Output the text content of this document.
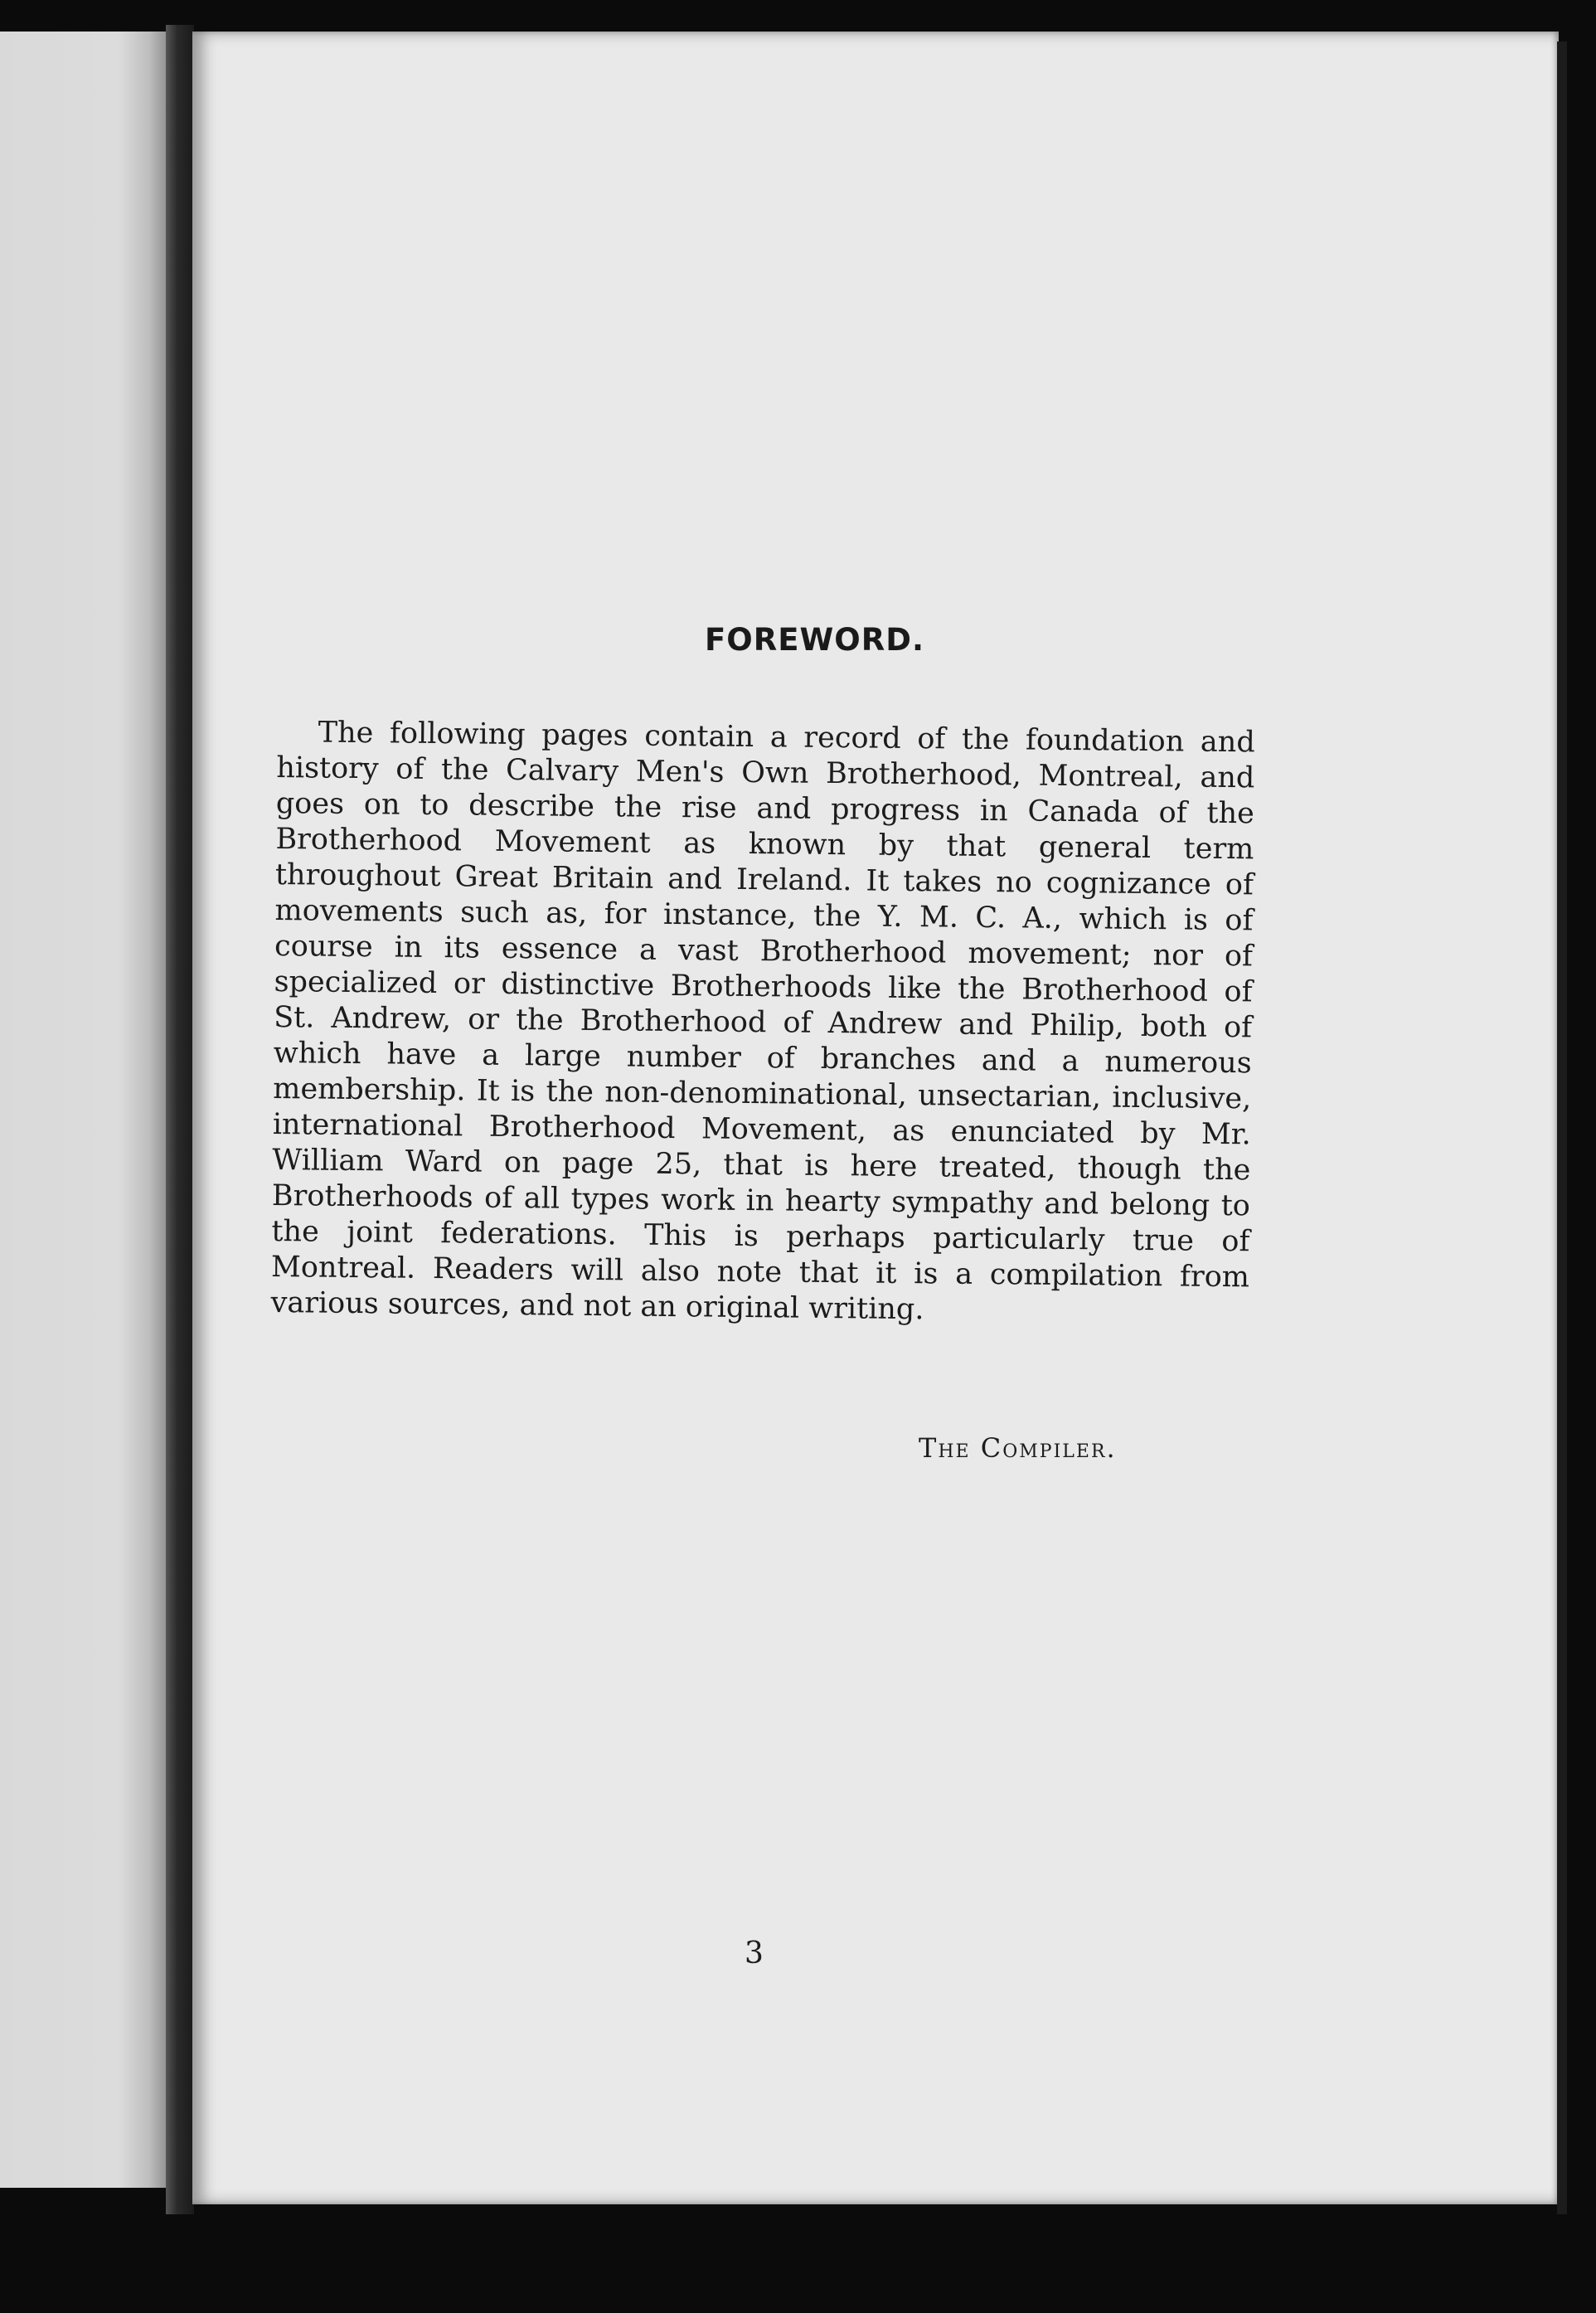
FOREWORD.

The following pages contain a record of the foundation and history of the Calvary Men's Own Brotherhood, Montreal, and goes on to describe the rise and progress in Canada of the Brotherhood Movement as known by that general term throughout Great Britain and Ireland. It takes no cognizance of movements such as, for instance, the Y. M. C. A., which is of course in its essence a vast Brotherhood movement; nor of specialized or distinctive Brotherhoods like the Brotherhood of St. Andrew, or the Brotherhood of Andrew and Philip, both of which have a large number of branches and a numerous membership. It is the non-denominational, unsectarian, inclusive, international Brotherhood Movement, as enunciated by Mr. William Ward on page 25, that is here treated, though the Brotherhoods of all types work in hearty sympathy and belong to the joint federations. This is perhaps particularly true of Montreal. Readers will also note that it is a compilation from various sources, and not an original writing.

The Compiler.
3
